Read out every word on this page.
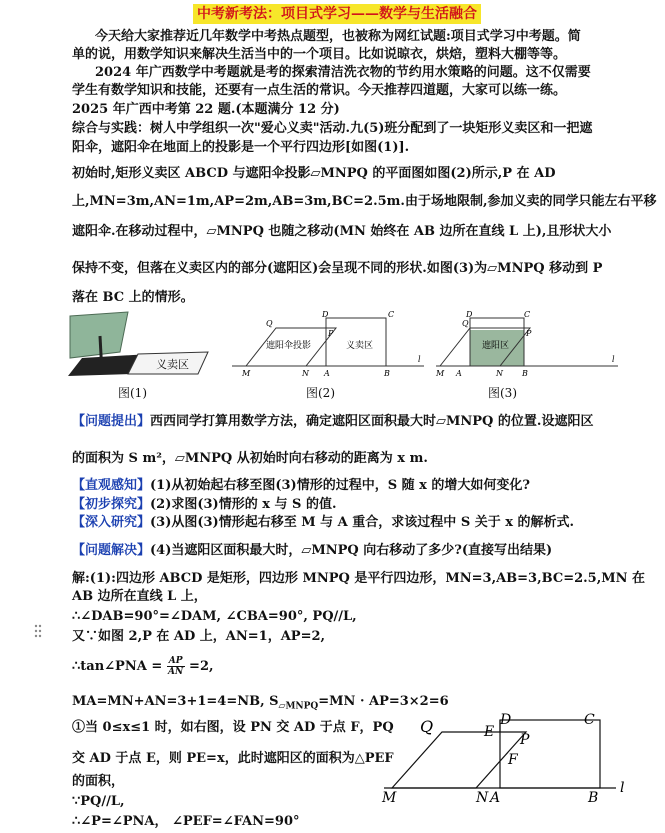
中考新考法：项目式学习——数学与生活融合
今天给大家推荐近几年数学中考热点题型，也被称为网红试题:项目式学习中考题。简
单的说，用数学知识来解决生活当中的一个项目。比如说晾衣，烘焙，塑料大棚等等。
2024 年广西数学中考题就是考的探索清洁洗衣物的节约用水策略的问题。这不仅需要
学生有数学知识和技能，还要有一点生活的常识。今天推荐四道题，大家可以练一练。
2025 年广西中考第 22 题.(本题满分 12 分)
综合与实践：树人中学组织一次"爱心义卖"活动.九(5)班分配到了一块矩形义卖区和一把遮
阳伞，遮阳伞在地面上的投影是一个平行四边形[如图(1)].
初始时,矩形义卖区 ABCD 与遮阳伞投影▱MNPQ 的平面图如图(2)所示,P 在 AD
上,MN=3m,AN=1m,AP=2m,AB=3m,BC=2.5m.由于场地限制,参加义卖的同学只能左右平移
遮阳伞.在移动过程中，▱MNPQ 也随之移动(MN 始终在 AB 边所在直线 L 上),且形状大小
保持不变，但落在义卖区内的部分(遮阳区)会呈现不同的形状.如图(3)为▱MNPQ 移动到 P
落在 BC 上的情形。
义卖区
图(1)
遮阳伞投影	义卖区
Q
P
D	C
M	N A	B
l
图(2)
遮阳区
Q
P
D	C
M A	N B
l
图(3)
【问题提出】西西同学打算用数学方法，确定遮阳区面积最大时▱MNPQ 的位置.设遮阳区
的面积为 S m²，▱MNPQ 从初始时向右移动的距离为 x m.
【直观感知】(1)从初始起右移至图(3)情形的过程中，S 随 x 的增大如何变化?
【初步探究】(2)求图(3)情形的 x 与 S 的值.
【深入研究】(3)从图(3)情形起右移至 M 与 A 重合，求该过程中 S 关于 x 的解析式.
【问题解决】(4)当遮阳区面积最大时，▱MNPQ 向右移动了多少?(直接写出结果)
解:(1):四边形 ABCD 是矩形，四边形 MNPQ 是平行四边形，MN=3,AB=3,BC=2.5,MN 在
AB 边所在直线 L 上，
∴∠DAB=90°=∠DAM, ∠CBA=90°, PQ//L,
又∵如图 2,P 在 AD 上，AN=1，AP=2,
∴tan∠PNA = $\frac{AP}{AN} =2$,
MA=MN+AN=3+1=4=NB, $S_{▱MNPQ}=MN \cdot AP=3\times 2=6$
①当 0≤x≤1 时，如右图，设 PN 交 AD 于点 F，PQ
交 AD 于点 E，则 PE=x，此时遮阳区的面积为△PEF
的面积，
∵PQ//L,
∴∠P=∠PNA， ∠PEF=∠FAN=90°
Q	E
D	C
P
F
M	N A	B
l
